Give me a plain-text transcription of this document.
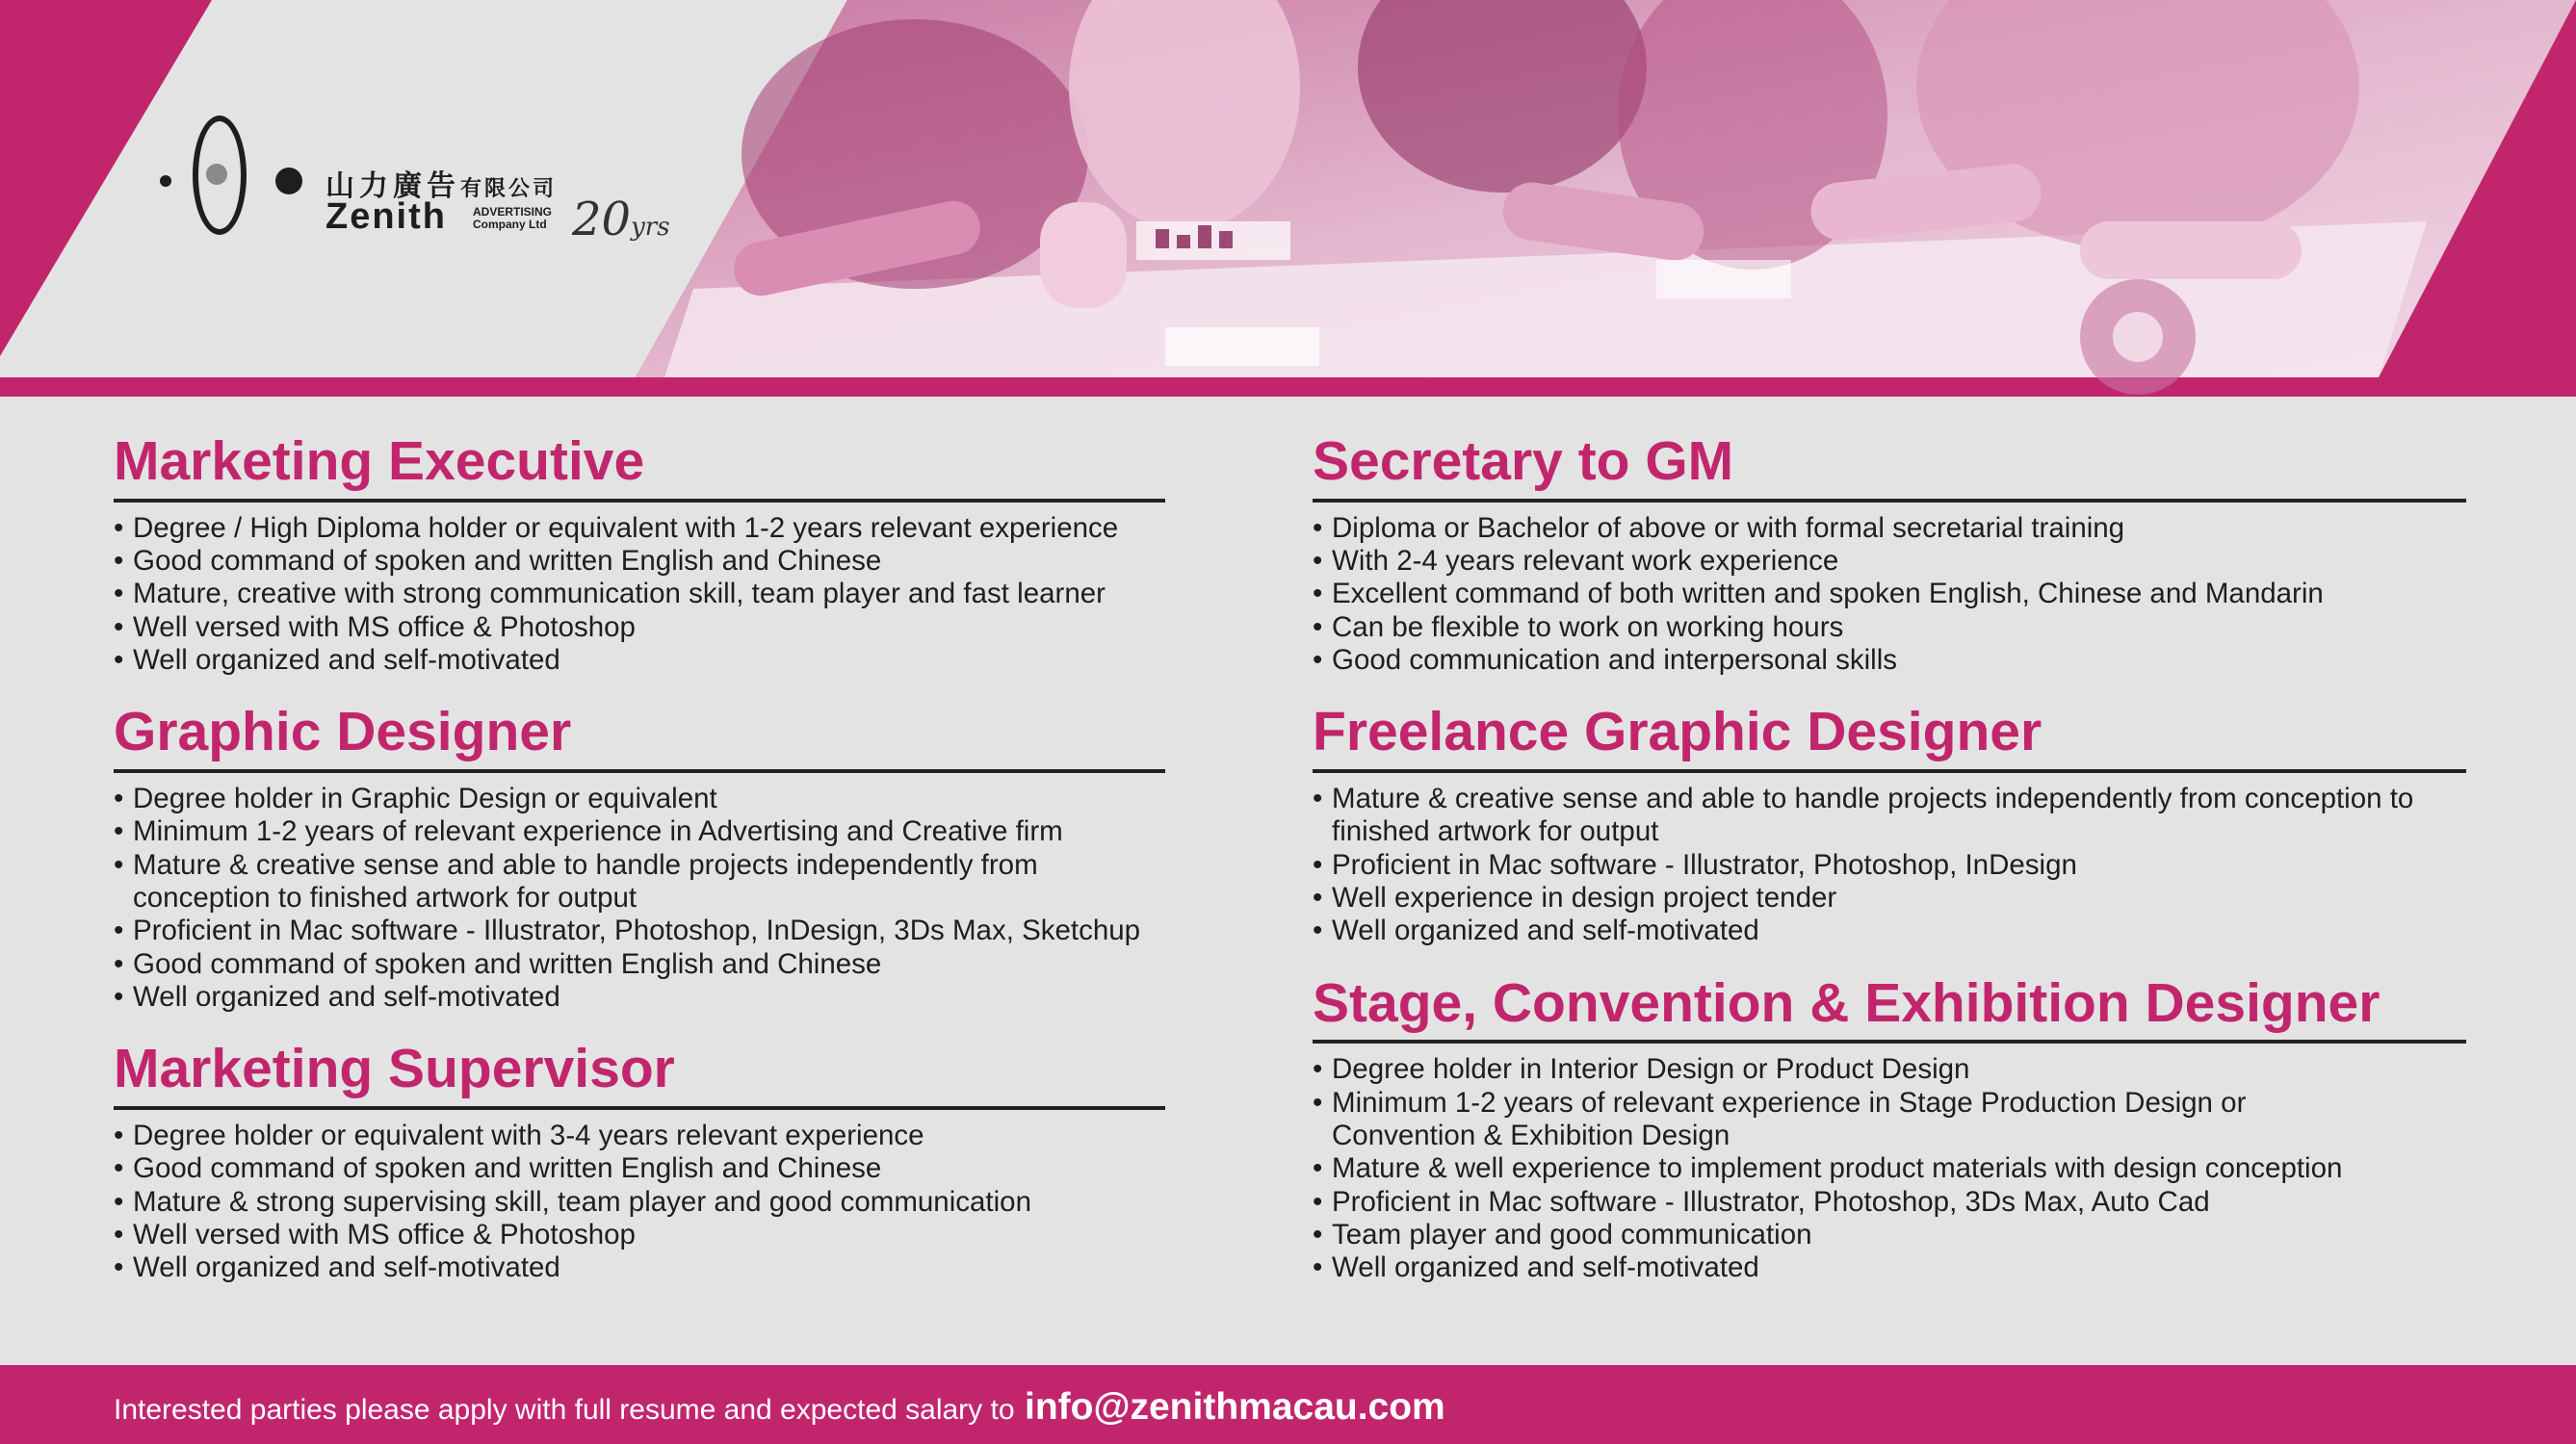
山力廣告有限公司
Zenith ADVERTISING
Company Ltd 20yrs
Marketing Executive
• Degree / High Diploma holder or equivalent with 1-2 years relevant experience
• Good command of spoken and written English and Chinese
• Mature, creative with strong communication skill, team player and fast learner
• Well versed with MS office & Photoshop
• Well organized and self-motivated
Graphic Designer
• Degree holder in Graphic Design or equivalent
• Minimum 1-2 years of relevant experience in Advertising and Creative firm
• Mature & creative sense and able to handle projects independently from conception to finished artwork for output
• Proficient in Mac software - Illustrator, Photoshop, InDesign, 3Ds Max, Sketchup
• Good command of spoken and written English and Chinese
• Well organized and self-motivated
Marketing Supervisor
• Degree holder or equivalent with 3-4 years relevant experience
• Good command of spoken and written English and Chinese
• Mature & strong supervising skill, team player and good communication
• Well versed with MS office & Photoshop
• Well organized and self-motivated
Secretary to GM
• Diploma or Bachelor of above or with formal secretarial training
• With 2-4 years relevant work experience
• Excellent command of both written and spoken English, Chinese and Mandarin
• Can be flexible to work on working hours
• Good communication and interpersonal skills
Freelance Graphic Designer
• Mature & creative sense and able to handle projects independently from conception to finished artwork for output
• Proficient in Mac software - Illustrator, Photoshop, InDesign
• Well experience in design project tender
• Well organized and self-motivated
Stage, Convention & Exhibition Designer
• Degree holder in Interior Design or Product Design
• Minimum 1-2 years of relevant experience in Stage Production Design or Convention & Exhibition Design
• Mature & well experience to implement product materials with design conception
• Proficient in Mac software - Illustrator, Photoshop, 3Ds Max, Auto Cad
• Team player and good communication
• Well organized and self-motivated
Interested parties please apply with full resume and expected salary to info@zenithmacau.com
